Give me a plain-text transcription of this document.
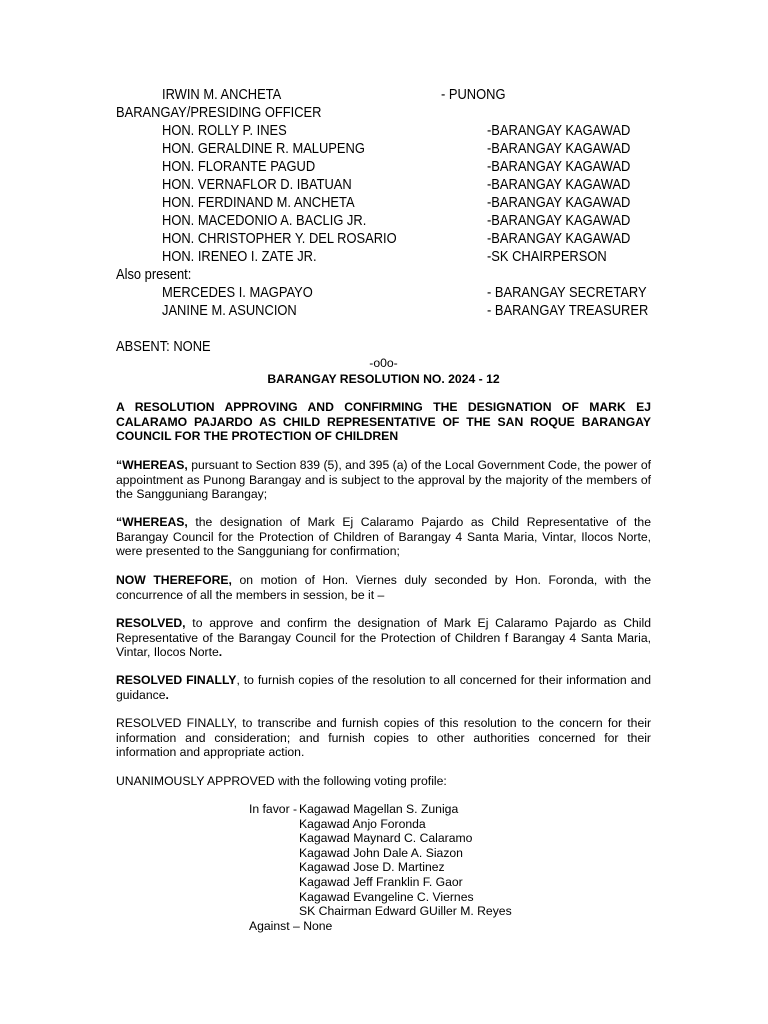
IRWIN M. ANCHETA	- PUNONG
BARANGAY/PRESIDING OFFICER
HON. ROLLY P. INES	-BARANGAY KAGAWAD
HON. GERALDINE R. MALUPENG	-BARANGAY KAGAWAD
HON. FLORANTE PAGUD	-BARANGAY KAGAWAD
HON. VERNAFLOR D. IBATUAN	-BARANGAY KAGAWAD
HON. FERDINAND M. ANCHETA	-BARANGAY KAGAWAD
HON. MACEDONIO A. BACLIG JR.	-BARANGAY KAGAWAD
HON. CHRISTOPHER Y. DEL ROSARIO	-BARANGAY KAGAWAD
HON. IRENEO I. ZATE JR.	-SK CHAIRPERSON
Also present:
MERCEDES I. MAGPAYO	- BARANGAY SECRETARY
JANINE M. ASUNCION	- BARANGAY TREASURER
ABSENT: NONE
-o0o-
BARANGAY RESOLUTION NO. 2024 - 12
A RESOLUTION APPROVING AND CONFIRMING THE DESIGNATION OF MARK EJ CALARAMO PAJARDO AS CHILD REPRESENTATIVE OF THE SAN ROQUE BARANGAY COUNCIL FOR THE PROTECTION OF CHILDREN
“WHEREAS, pursuant to Section 839 (5), and 395 (a) of the Local Government Code, the power of appointment as Punong Barangay and is subject to the approval by the majority of the members of the Sangguniang Barangay;
“WHEREAS, the designation of Mark Ej Calaramo Pajardo as Child Representative of the Barangay Council for the Protection of Children of Barangay 4 Santa Maria, Vintar, Ilocos Norte, were presented to the Sangguniang for confirmation;
NOW THEREFORE, on motion of Hon. Viernes duly seconded by Hon. Foronda, with the concurrence of all the members in session, be it –
RESOLVED, to approve and confirm the designation of Mark Ej Calaramo Pajardo as Child Representative of the Barangay Council for the Protection of Children f Barangay 4 Santa Maria, Vintar, Ilocos Norte.
RESOLVED FINALLY, to furnish copies of the resolution to all concerned for their information and guidance.
RESOLVED FINALLY, to transcribe and furnish copies of this resolution to the concern for their information and consideration; and furnish copies to other authorities concerned for their information and appropriate action.
UNANIMOUSLY APPROVED with the following voting profile:
In favor - Kagawad Magellan S. Zuniga
Kagawad Anjo Foronda
Kagawad Maynard C. Calaramo
Kagawad John Dale A. Siazon
Kagawad Jose D. Martinez
Kagawad Jeff Franklin F. Gaor
Kagawad Evangeline C. Viernes
SK Chairman Edward GUiller M. Reyes
Against – None
